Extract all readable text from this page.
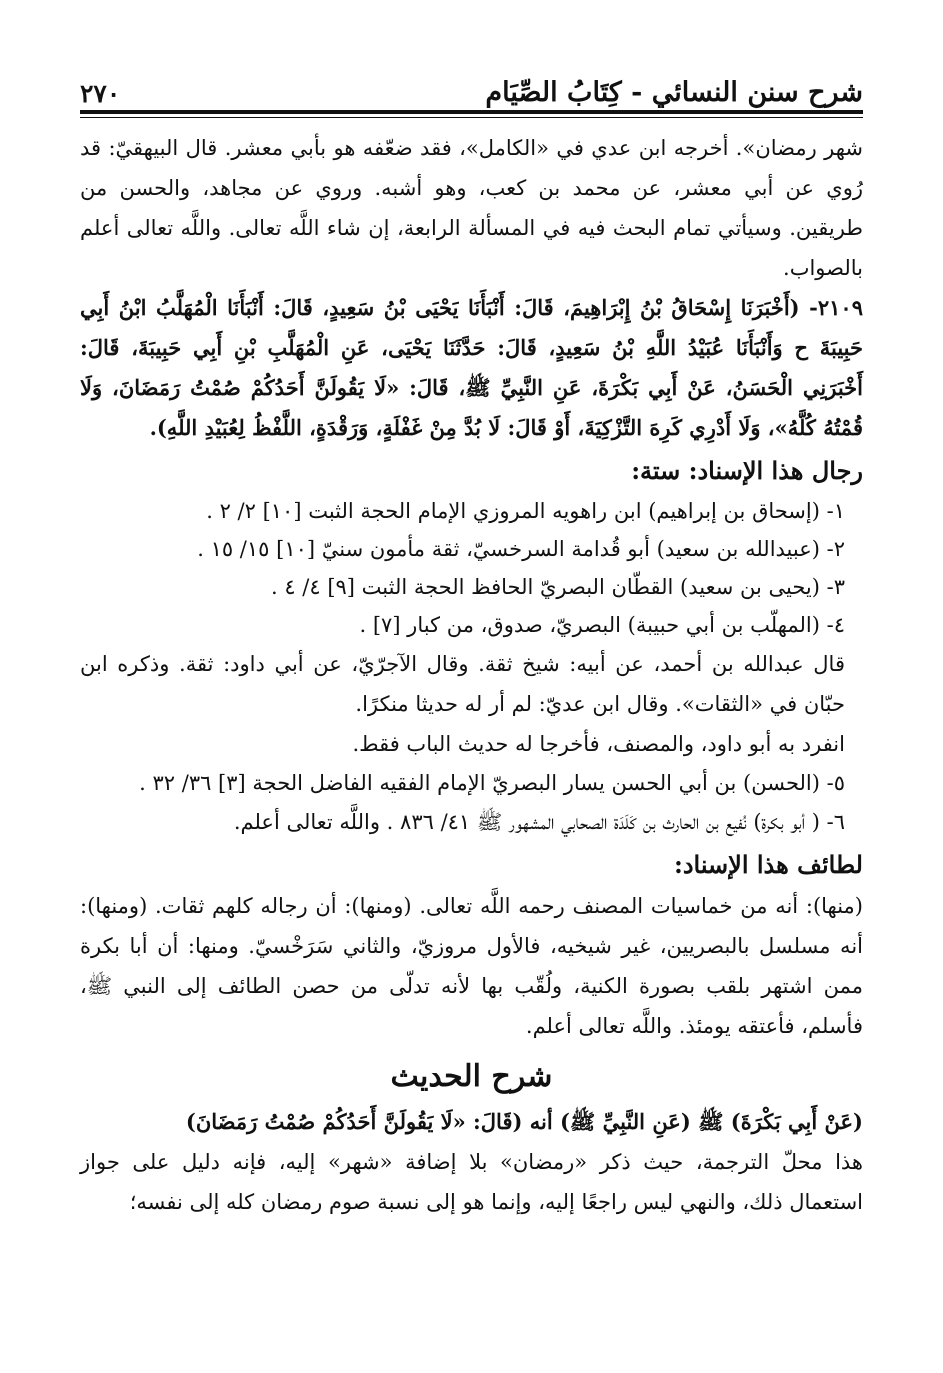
شرح سنن النسائي - كِتَابُ الصِّيَام
٢٧٠

شهر رمضان». أخرجه ابن عدي في «الكامل»، فقد ضعّفه هو بأبي معشر. قال البيهقيّ: قد رُوي عن أبي معشر، عن محمد بن كعب، وهو أشبه. وروي عن مجاهد، والحسن من طريقين. وسيأتي تمام البحث فيه في المسألة الرابعة، إن شاء اللَّه تعالى. واللَّه تعالى أعلم بالصواب.

٢١٠٩- (أَخْبَرَنَا إِسْحَاقُ بْنُ إِبْرَاهِيمَ، قَالَ: أَنْبَأَنَا يَحْيَى بْنُ سَعِيدٍ، قَالَ: أَنْبَأَنَا الْمُهَلَّبُ ابْنُ أَبِي حَبِيبَةَ ح وَأَنْبَأَنَا عُبَيْدُ اللَّهِ بْنُ سَعِيدٍ، قَالَ: حَدَّثَنَا يَحْيَى، عَنِ الْمُهَلَّبِ بْنِ أَبِي حَبِيبَةَ، قَالَ: أَخْبَرَنِي الْحَسَنُ، عَنْ أَبِي بَكْرَةَ، عَنِ النَّبِيِّ ﷺ، قَالَ: «لَا يَقُولَنَّ أَحَدُكُمْ صُمْتُ رَمَضَانَ، وَلَا قُمْتُهُ كُلَّهُ»، وَلَا أَدْرِي كَرِهَ التَّزْكِيَةَ، أَوْ قَالَ: لَا بُدَّ مِنْ غَفْلَةٍ، وَرَقْدَةٍ، اللَّفْظُ لِعُبَيْدِ اللَّهِ).

رجال هذا الإسناد: ستة:

١- (إسحاق بن إبراهيم) ابن راهويه المروزي الإمام الحجة الثبت [١٠] ٢/ ٢ .

٢- (عبيدالله بن سعيد) أبو قُدامة السرخسيّ، ثقة مأمون سنيّ [١٠] ١٥/ ١٥ .

٣- (يحيى بن سعيد) القطّان البصريّ الحافظ الحجة الثبت [٩] ٤/ ٤ .

٤- (المهلّب بن أبي حبيبة) البصريّ، صدوق، من كبار [٧] .

قال عبدالله بن أحمد، عن أبيه: شيخ ثقة. وقال الآجرّيّ، عن أبي داود: ثقة. وذكره ابن حبّان في «الثقات». وقال ابن عديّ: لم أر له حديثا منكرًا.

انفرد به أبو داود، والمصنف، فأخرجا له حديث الباب فقط.

٥- (الحسن) بن أبي الحسن يسار البصريّ الإمام الفقيه الفاضل الحجة [٣] ٣٦/ ٣٢ .

٦- ( أبو بكرة) نُفيع بن الحارث بن كَلَدَة الصحابي المشهور ﷺ ٤١/ ٨٣٦ . واللَّه تعالى أعلم.

لطائف هذا الإسناد:

(منها): أنه من خماسيات المصنف رحمه اللَّه تعالى. (ومنها): أن رجاله كلهم ثقات. (ومنها): أنه مسلسل بالبصريين، غير شيخيه، فالأول مروزيّ، والثاني سَرَخْسيّ. ومنها: أن أبا بكرة ممن اشتهر بلقب بصورة الكنية، ولُقّب بها لأنه تدلّى من حصن الطائف إلى النبي ﷺ، فأسلم، فأعتقه يومئذ. واللَّه تعالى أعلم.

شرح الحديث

(عَنْ أَبِي بَكْرَةَ) ﷺ (عَنِ النَّبِيِّ ﷺ) أنه (قَالَ: «لَا يَقُولَنَّ أَحَدُكُمْ صُمْتُ رَمَضَانَ)

هذا محلّ الترجمة، حيث ذكر «رمضان» بلا إضافة «شهر» إليه، فإنه دليل على جواز استعمال ذلك، والنهي ليس راجعًا إليه، وإنما هو إلى نسبة صوم رمضان كله إلى نفسه؛
